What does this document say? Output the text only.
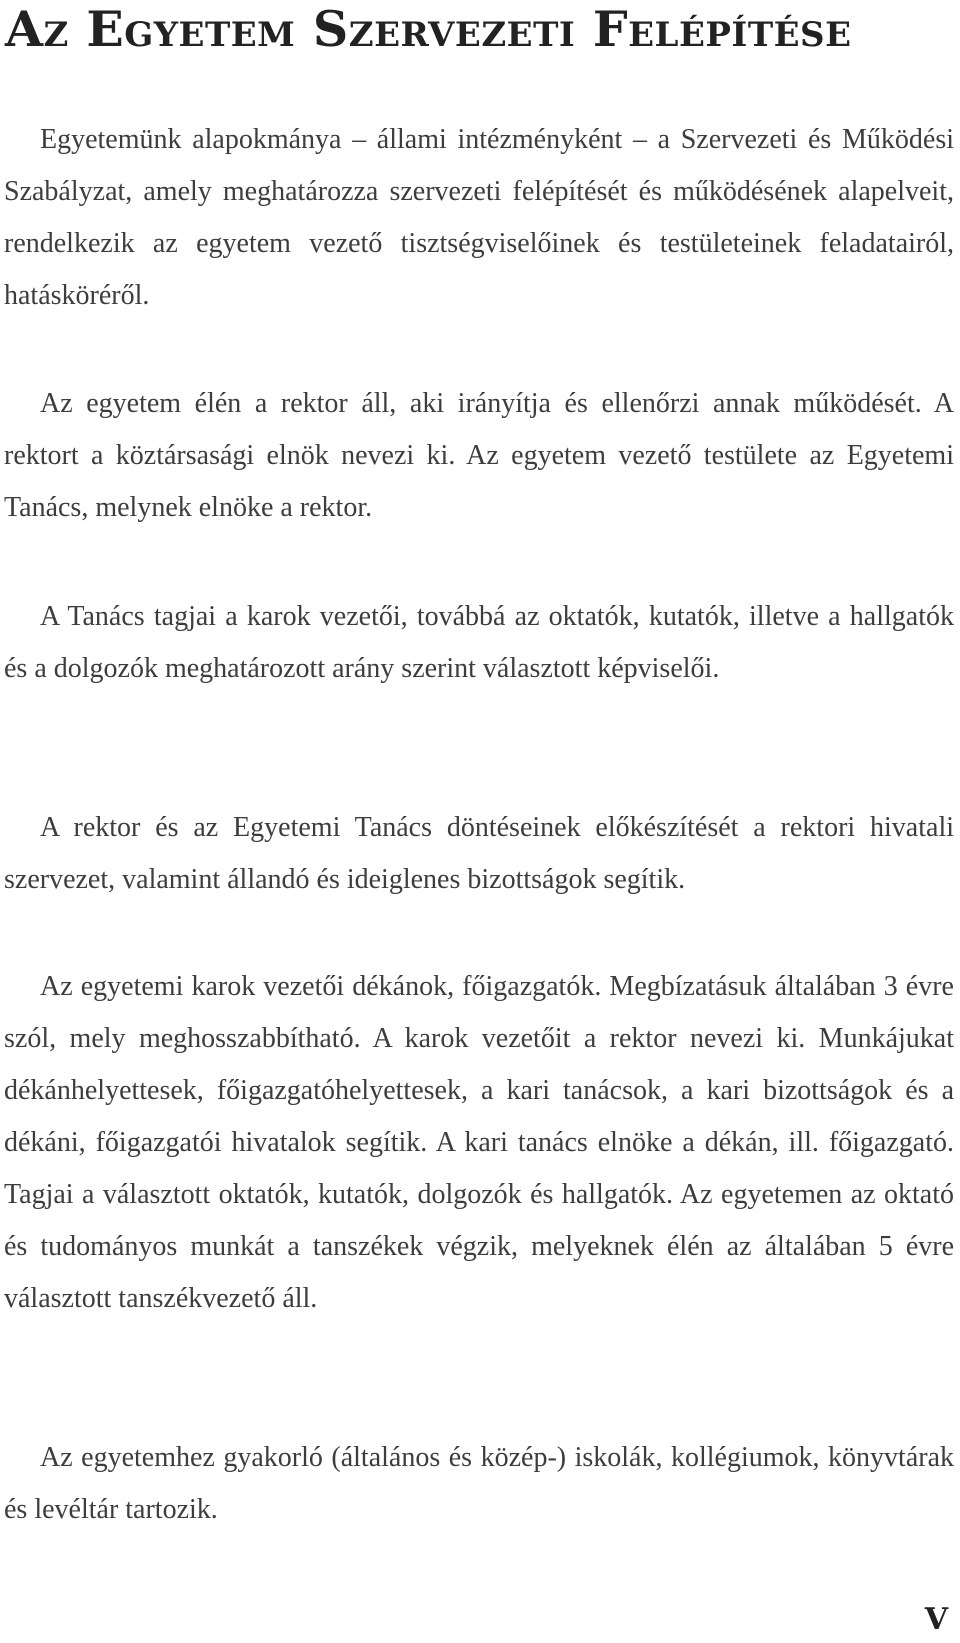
Az Egyetem Szervezeti Felépítése

Egyetemünk alapokmánya – állami intézményként – a Szervezeti és Működési Szabályzat, amely meghatározza szervezeti felépítését és működésének alapelveit, rendelkezik az egyetem vezető tisztségviselőinek és testületeinek feladatairól, hatásköréről.

Az egyetem élén a rektor áll, aki irányítja és ellenőrzi annak működését. A rektort a köztársasági elnök nevezi ki. Az egyetem vezető testülete az Egyetemi Tanács, melynek elnöke a rektor.

A Tanács tagjai a karok vezetői, továbbá az oktatók, kutatók, illetve a hallgatók és a dolgozók meghatározott arány szerint választott képviselői.

A rektor és az Egyetemi Tanács döntéseinek előkészítését a rektori hivatali szervezet, valamint állandó és ideiglenes bizottságok segítik.

Az egyetemi karok vezetői dékánok, főigazgatók. Megbízatásuk általában 3 évre szól, mely meghosszabbítható. A karok vezetőit a rektor nevezi ki. Munkájukat dékánhelyettesek, főigazgatóhelyettesek, a kari tanácsok, a kari bizottságok és a dékáni, főigazgatói hivatalok segítik. A kari tanács elnöke a dékán, ill. főigazgató. Tagjai a választott oktatók, kutatók, dolgozók és hallgatók. Az egyetemen az oktató és tudományos munkát a tanszékek végzik, melyeknek élén az általában 5 évre választott tanszékvezető áll.

Az egyetemhez gyakorló (általános és közép-) iskolák, kollégiumok, könyvtárak és levéltár tartozik.

V
